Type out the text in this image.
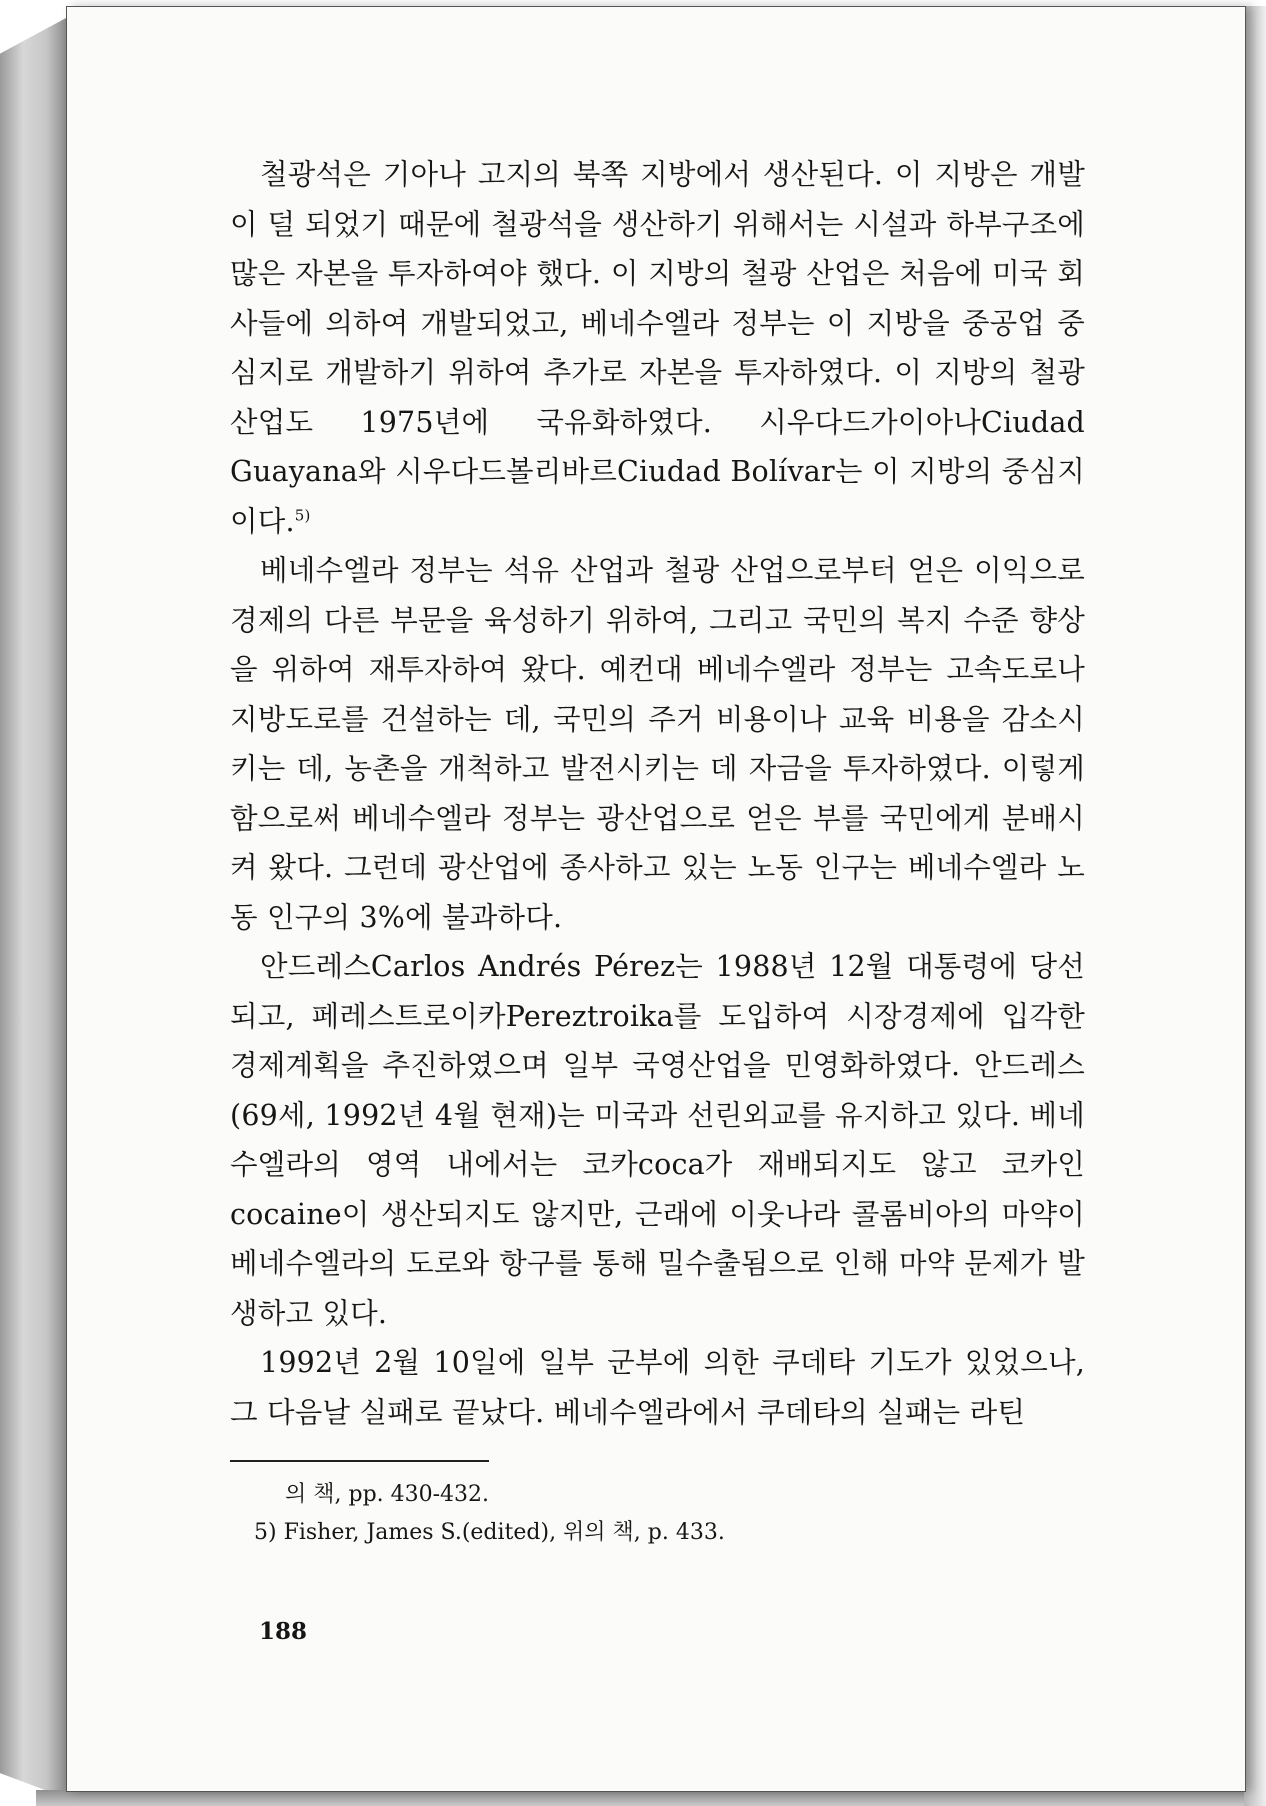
철광석은 기아나 고지의 북쪽 지방에서 생산된다. 이 지방은 개발이 덜 되었기 때문에 철광석을 생산하기 위해서는 시설과 하부구조에 많은 자본을 투자하여야 했다. 이 지방의 철광 산업은 처음에 미국 회사들에 의하여 개발되었고, 베네수엘라 정부는 이 지방을 중공업 중심지로 개발하기 위하여 추가로 자본을 투자하였다. 이 지방의 철광 산업도 1975년에 국유화하였다. 시우다드가이아나Ciudad Guayana와 시우다드볼리바르Ciudad Bolívar는 이 지방의 중심지이다.$^{5)}$

베네수엘라 정부는 석유 산업과 철광 산업으로부터 얻은 이익으로 경제의 다른 부문을 육성하기 위하여, 그리고 국민의 복지 수준 향상을 위하여 재투자하여 왔다. 예컨대 베네수엘라 정부는 고속도로나 지방도로를 건설하는 데, 국민의 주거 비용이나 교육 비용을 감소시키는 데, 농촌을 개척하고 발전시키는 데 자금을 투자하였다. 이렇게 함으로써 베네수엘라 정부는 광산업으로 얻은 부를 국민에게 분배시켜 왔다. 그런데 광산업에 종사하고 있는 노동 인구는 베네수엘라 노동 인구의 3%에 불과하다.

안드레스Carlos Andrés Pérez는 1988년 12월 대통령에 당선되고, 페레스트로이카Pereztroika를 도입하여 시장경제에 입각한 경제계획을 추진하였으며 일부 국영산업을 민영화하였다. 안드레스(69세, 1992년 4월 현재)는 미국과 선린외교를 유지하고 있다. 베네수엘라의 영역 내에서는 코카coca가 재배되지도 않고 코카인cocaine이 생산되지도 않지만, 근래에 이웃나라 콜롬비아의 마약이 베네수엘라의 도로와 항구를 통해 밀수출됨으로 인해 마약 문제가 발생하고 있다.

1992년 2월 10일에 일부 군부에 의한 쿠데타 기도가 있었으나, 그 다음날 실패로 끝났다. 베네수엘라에서 쿠데타의 실패는 라틴

의 책, pp. 430-432.

5) Fisher, James S.(edited), 위의 책, p. 433.

188
